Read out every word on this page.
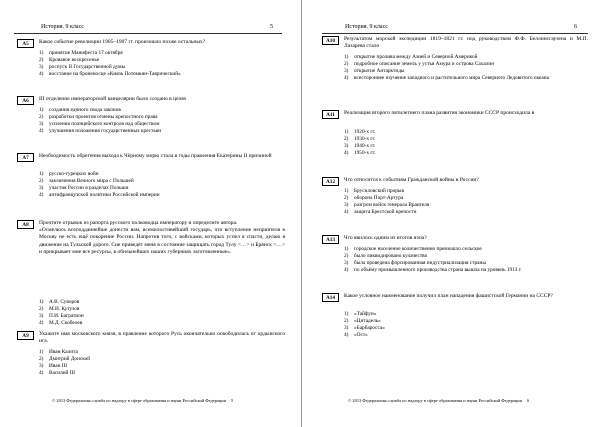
История. 9 класс	5
A5	Какое событие революции 1905–1907 гг. произошло позже остальных?
1) принятие Манифеста 17 октября
2) Кровавое воскресенье
3) роспуск II Государственной думы
4) восстание на броненосце «Князь Потемкин-Таврический»
A6	III отделение императорской канцелярии было создано в целях
1) создания единого свода законов
2) разработки проектов отмены крепостного права
3) усиления полицейского контроля над обществом
4) улучшения положения государственных крестьян
A7	Необходимость обретения выхода к Чёрному морю стала в годы правления Екатерины II причиной
1) русско-турецких войн
2) заключения Вечного мира с Польшей
3) участия России в разделах Польши
4) антифранцузской политики Российской империи
A8	Прочтите отрывок из рапорта русского полководца императору и определите автора.
«Осмелюсь всеподданнейше донести вам, всемилостивейший государь, что вступление неприятеля в Москву не есть ещё покорение России. Напротив того, с войсками, которых успел я спасти, делаю я движение на Тульской дороге. Сие приведёт меня в состояние защищать город Тулу <…> и Брянск <…> и прикрывает мне все ресурсы, в обильнейших наших губерниях заготовленные».
1) А.В. Суворов
2) М.И. Кутузов
3) П.И. Багратион
4) М.Д. Скобелев
A9	Укажите имя московского князя, в правление которого Русь окончательно освободилась от ордынского ига.
1) Иван Калита
2) Дмитрий Донской
3) Иван III
4) Василий III
© 2013 Федеральная служба по надзору в сфере образования и науки Российской Федерации 5
История. 9 класс	6
A10	Результатом морской экспедиции 1819–1821 гг. под руководством Ф.Ф. Беллинсгаузена и М.П. Лазарева стало
1) открытие пролива между Азией и Северной Америкой
2) подробное описание земель у устья Амура и острова Сахалин
3) открытие Антарктиды
4) всестороннее изучение западного и растительного мира Северного Ледовитого океана
A11	Реализация второго пятилетнего плана развития экономики СССР происходила в
1) 1920-х гг.
2) 1930-х гг.
3) 1940-х гг.
4) 1950-х гг.
A12	Что относится к событиям Гражданской войны в России?
1) Брусиловский прорыв
2) оборона Порт-Артура
3) разгром войск генерала Врангеля
4) защита Брестской крепости
A13	Что явилось одним из итогов нэпа?
1) городское население количественно превзошло сельское
2) было ликвидировано кулачество
3) была проведена форсированная индустриализация страны
4) по объёму промышленного производства страна вышла на уровень 1913 г.
A14	Какое условное наименование получил план нападения фашистской Германии на СССР?
1) «Тайфун»
2) «Цитадель»
3) «Барбаросса»
4) «Ост»
© 2013 Федеральная служба по надзору в сфере образования и науки Российской Федерации 6
